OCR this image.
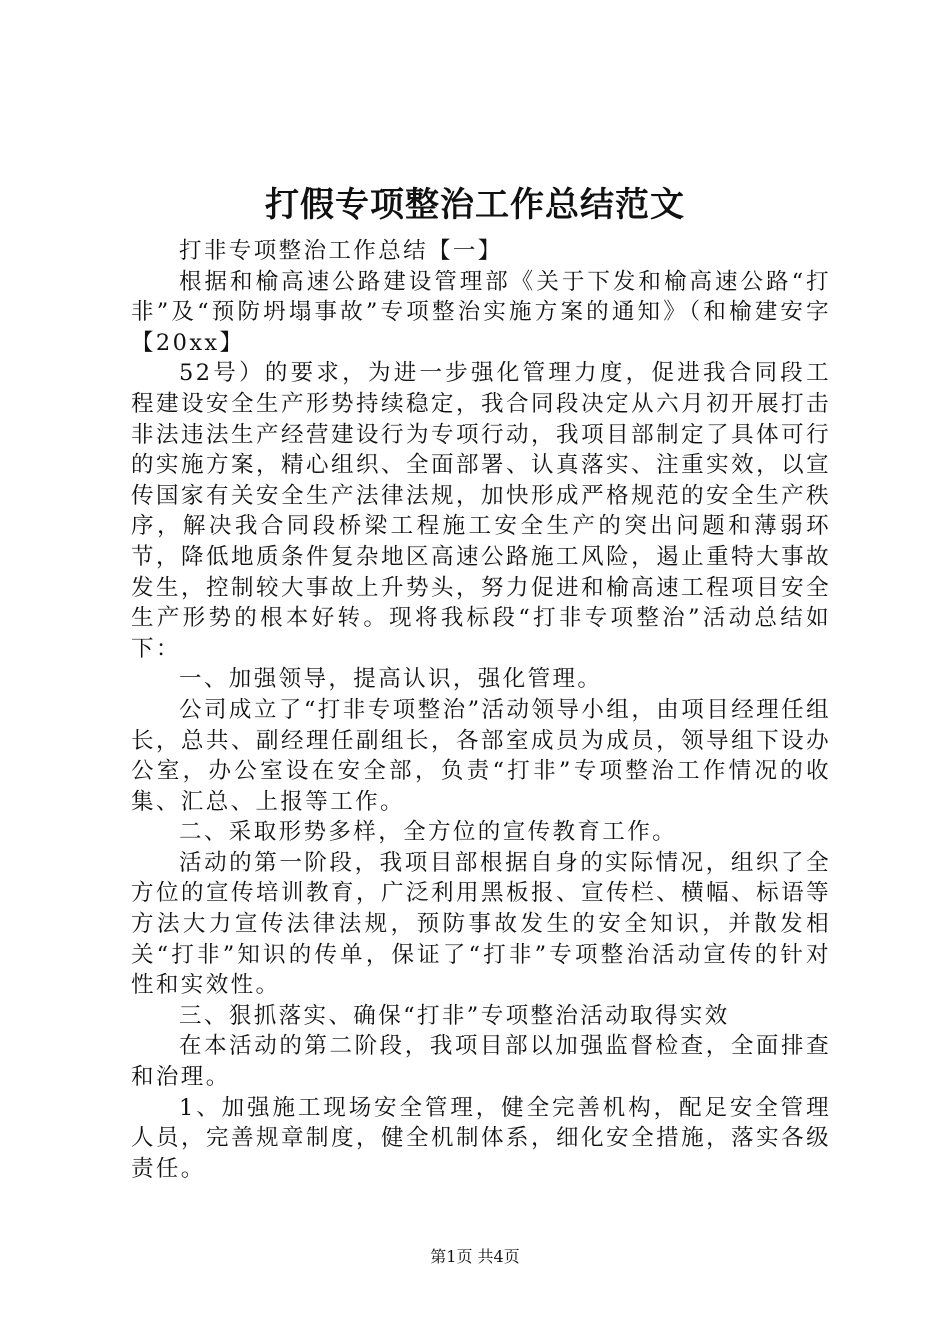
打假专项整治工作总结范文

打非专项整治工作总结【一】

根据和榆高速公路建设管理部《关于下发和榆高速公路“打非”及“预防坍塌事故”专项整治实施方案的通知》（和榆建安字【20xx】

52号）的要求，为进一步强化管理力度，促进我合同段工程建设安全生产形势持续稳定，我合同段决定从六月初开展打击非法违法生产经营建设行为专项行动，我项目部制定了具体可行的实施方案，精心组织、全面部署、认真落实、注重实效，以宣传国家有关安全生产法律法规，加快形成严格规范的安全生产秩序，解决我合同段桥梁工程施工安全生产的突出问题和薄弱环节，降低地质条件复杂地区高速公路施工风险，遏止重特大事故发生，控制较大事故上升势头，努力促进和榆高速工程项目安全生产形势的根本好转。现将我标段“打非专项整治”活动总结如下：

一、加强领导，提高认识，强化管理。

公司成立了“打非专项整治”活动领导小组，由项目经理任组长，总共、副经理任副组长，各部室成员为成员，领导组下设办公室，办公室设在安全部，负责“打非”专项整治工作情况的收集、汇总、上报等工作。

二、采取形势多样，全方位的宣传教育工作。

活动的第一阶段，我项目部根据自身的实际情况，组织了全方位的宣传培训教育，广泛利用黑板报、宣传栏、横幅、标语等方法大力宣传法律法规，预防事故发生的安全知识，并散发相关“打非”知识的传单，保证了“打非”专项整治活动宣传的针对性和实效性。

三、狠抓落实、确保“打非”专项整治活动取得实效

在本活动的第二阶段，我项目部以加强监督检查，全面排查和治理。

1、加强施工现场安全管理，健全完善机构，配足安全管理人员，完善规章制度，健全机制体系，细化安全措施，落实各级责任。

第1页 共4页
